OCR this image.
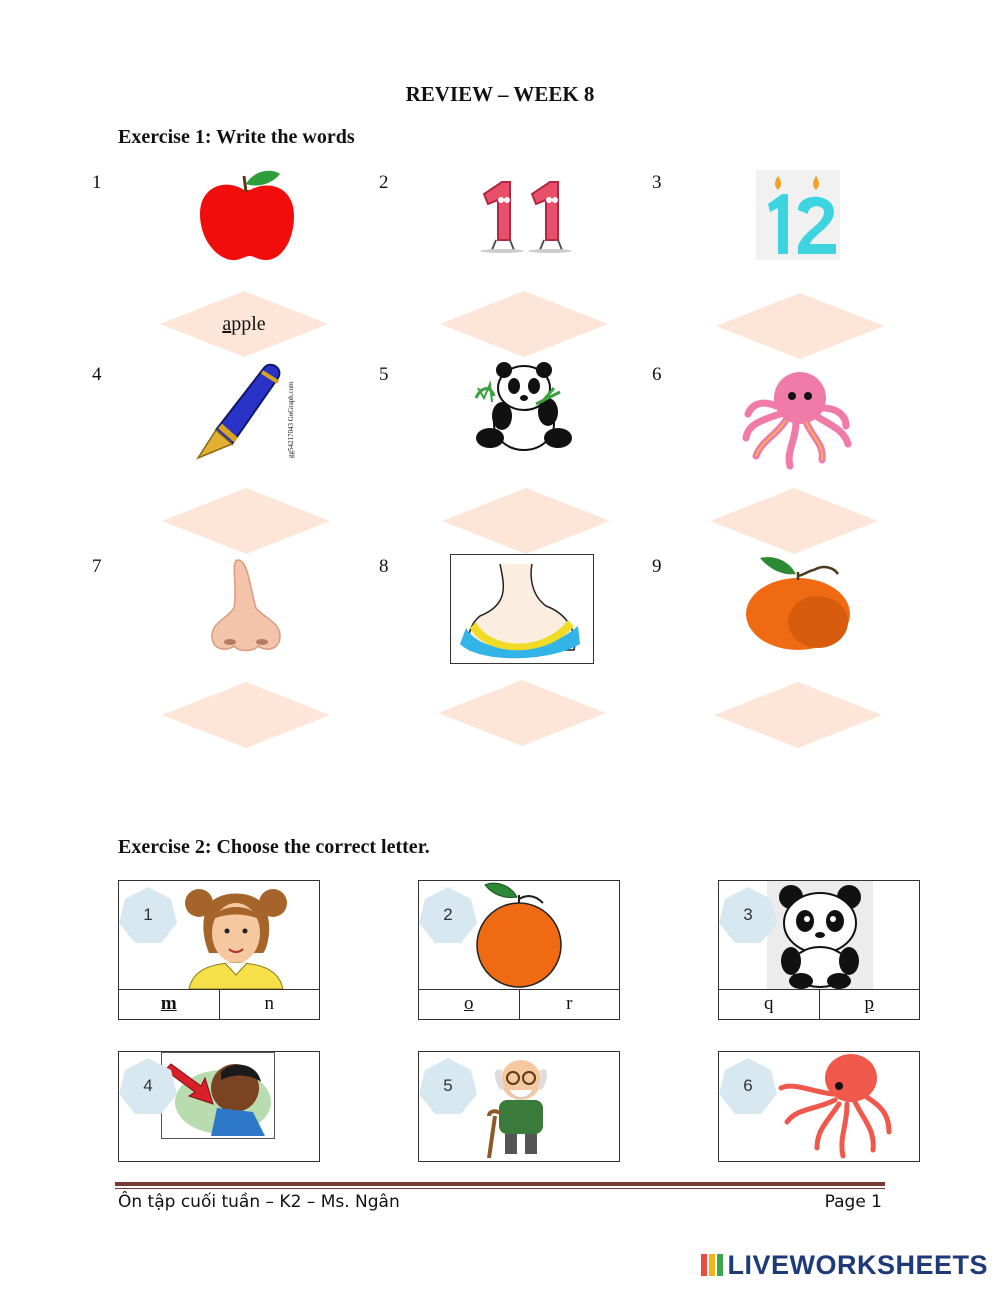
REVIEW – WEEK 8
Exercise 1: Write the words
1	2	3
apple
4	5	6
gg54217043 GoGraph.com
7	8	9
Exercise 2: Choose the correct letter.
1
m	n
2
o	r
3
q	p
4	5	6
Ôn tập cuối tuần – K2 – Ms. Ngân	Page 1
LIVEWORKSHEETS
